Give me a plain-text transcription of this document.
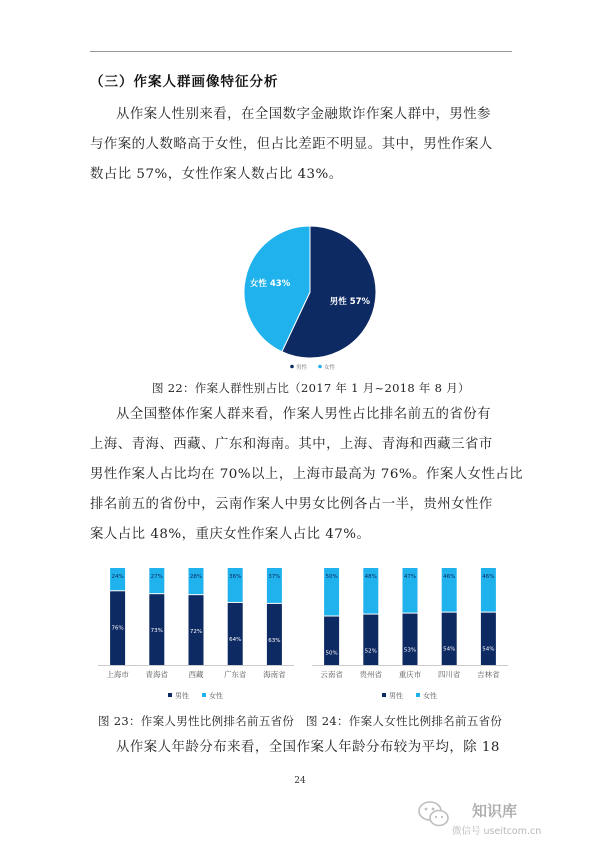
（三）作案人群画像特征分析
从作案人性别来看，在全国数字金融欺诈作案人群中，男性参
与作案的人数略高于女性，但占比差距不明显。其中，男性作案人
数占比 57%，女性作案人数占比 43%。
男性 57%
女性 43%
男性	女性
图 22：作案人群性别占比（2017 年 1 月~2018 年 8 月）
从全国整体作案人群来看，作案人男性占比排名前五的省份有
上海、青海、西藏、广东和海南。其中，上海、青海和西藏三省市
男性作案人占比均在 70%以上，上海市最高为 76%。作案人女性占比
排名前五的省份中，云南作案人中男女比例各占一半，贵州女性作
案人占比 48%，重庆女性作案人占比 47%。
76%
24%
上海市
73%
27%
青海省
72%
28%
西藏
64%
36%
广东省
63%
37%
海南省
男性	女性
50%
50%
云南省
52%
48%
贵州省
53%
47%
重庆市
54%
46%
四川省
54%
46%
吉林省
男性	女性
图 23：作案人男性比例排名前五省份 图 24：作案人女性比例排名前五省份
从作案人年龄分布来看，全国作案人年龄分布较为平均，除 18
24
知识库
微信号 useitcom.cn
